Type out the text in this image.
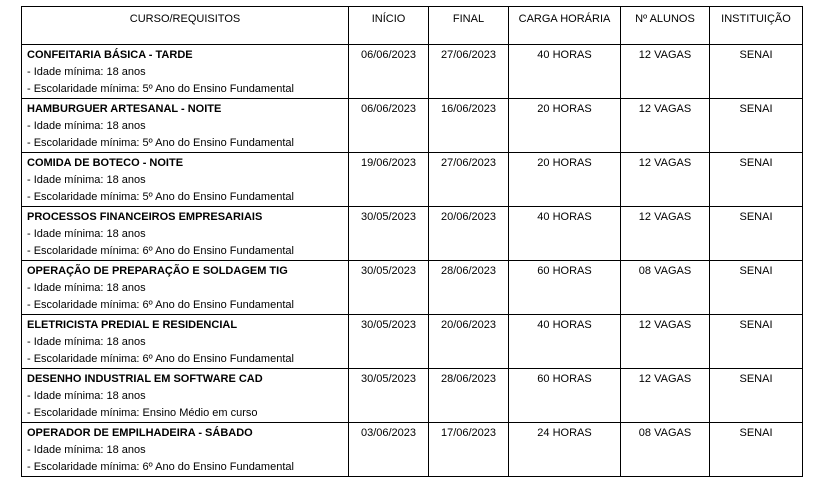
CURSO/REQUISITOS	INÍCIO	FINAL	CARGA HORÁRIA	Nº ALUNOS	INSTITUIÇÃO

CONFEITARIA BÁSICA - TARDE
- Idade mínima: 18 anos
- Escolaridade mínima: 5º Ano do Ensino Fundamental	06/06/2023	27/06/2023	40 HORAS	12 VAGAS	SENAI

HAMBURGUER ARTESANAL - NOITE
- Idade mínima: 18 anos
- Escolaridade mínima: 5º Ano do Ensino Fundamental	06/06/2023	16/06/2023	20 HORAS	12 VAGAS	SENAI

COMIDA DE BOTECO - NOITE
- Idade mínima: 18 anos
- Escolaridade mínima: 5º Ano do Ensino Fundamental	19/06/2023	27/06/2023	20 HORAS	12 VAGAS	SENAI

PROCESSOS FINANCEIROS EMPRESARIAIS
- Idade mínima: 18 anos
- Escolaridade mínima: 6º Ano do Ensino Fundamental	30/05/2023	20/06/2023	40 HORAS	12 VAGAS	SENAI

OPERAÇÃO DE PREPARAÇÃO E SOLDAGEM TIG
- Idade mínima: 18 anos
- Escolaridade mínima: 6º Ano do Ensino Fundamental	30/05/2023	28/06/2023	60 HORAS	08 VAGAS	SENAI

ELETRICISTA PREDIAL E RESIDENCIAL
- Idade mínima: 18 anos
- Escolaridade mínima: 6º Ano do Ensino Fundamental	30/05/2023	20/06/2023	40 HORAS	12 VAGAS	SENAI

DESENHO INDUSTRIAL EM SOFTWARE CAD
- Idade mínima: 18 anos
- Escolaridade mínima: Ensino Médio em curso	30/05/2023	28/06/2023	60 HORAS	12 VAGAS	SENAI

OPERADOR DE EMPILHADEIRA - SÁBADO
- Idade mínima: 18 anos
- Escolaridade mínima: 6º Ano do Ensino Fundamental	03/06/2023	17/06/2023	24 HORAS	08 VAGAS	SENAI
